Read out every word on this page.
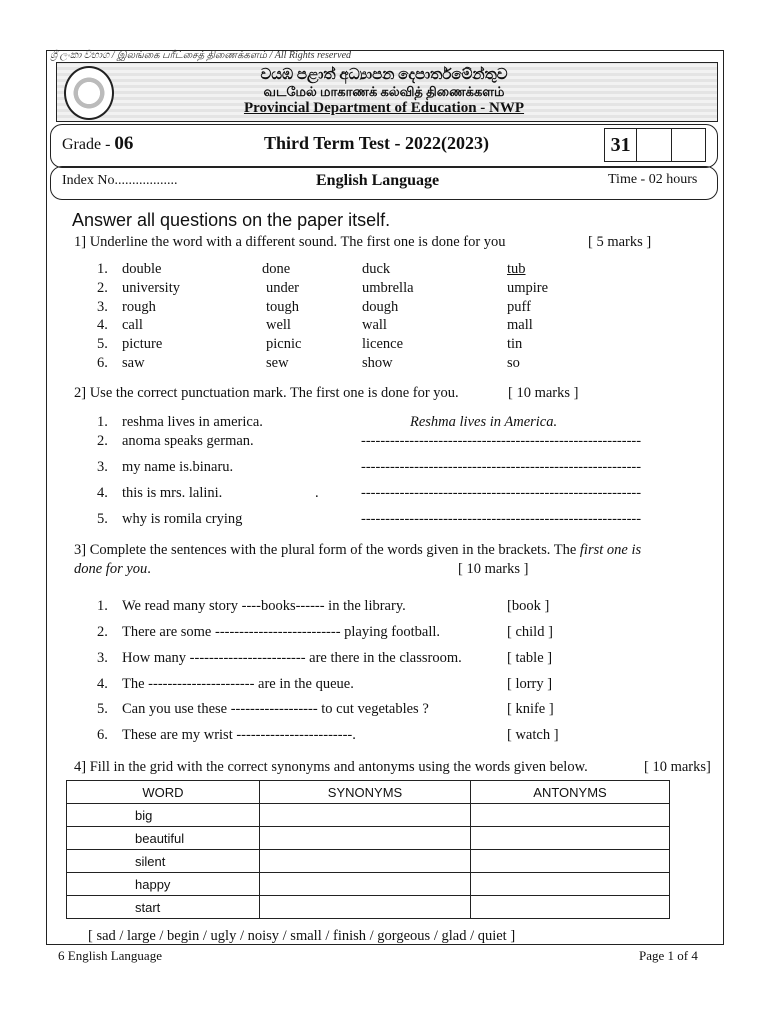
ශ්‍රී ලංකා විභාග / இலங்கை பரீட்சைத் திணைக்களம் / All Rights reserved
වයඹ පළාත් අධ්‍යාපන දෙපාර්තමේන්තුව
வடமேல் மாகாணக் கல்வித் திணைக்களம்
Provincial Department of Education - NWP
Grade - 06	Third Term Test - 2022(2023)	31
Index No..................	English Language	Time - 02 hours
Answer all questions on the paper itself.
1] Underline the word with a different sound. The first one is done for you	[ 5 marks ]
1. double	done	duck	tub
2. university	under	umbrella	umpire
3. rough	tough	dough	puff
4. call	well	wall	mall
5. picture	picnic	licence	tin
6. saw	sew	show	so
2] Use the correct punctuation mark. The first one is done for you.	[ 10 marks ]
1. reshma lives in america.	Reshma lives in America.
2. anoma speaks german.	----------------------------------------------------------
3. my name is.binaru.	----------------------------------------------------------
4. this is mrs. lalini.	.	----------------------------------------------------------
5. why is romila crying	----------------------------------------------------------
3] Complete the sentences with the plural form of the words given in the brackets. The first one is
done for you.	[ 10 marks ]
1. We read many story ----books------ in the library.	[book ]
2. There are some -------------------------- playing football.	[ child ]
3. How many ------------------------ are there in the classroom.	[ table ]
4. The ---------------------- are in the queue.	[ lorry ]
5. Can you use these ------------------ to cut vegetables ?	[ knife ]
6. These are my wrist ------------------------.	[ watch ]
4] Fill in the grid with the correct synonyms and antonyms using the words given below.	[ 10 marks]
WORD	SYNONYMS	ANTONYMS
big		
beautiful		
silent		
happy		
start		
[ sad / large / begin / ugly / noisy / small / finish / gorgeous / glad / quiet ]
6 English Language	Page 1 of 4
